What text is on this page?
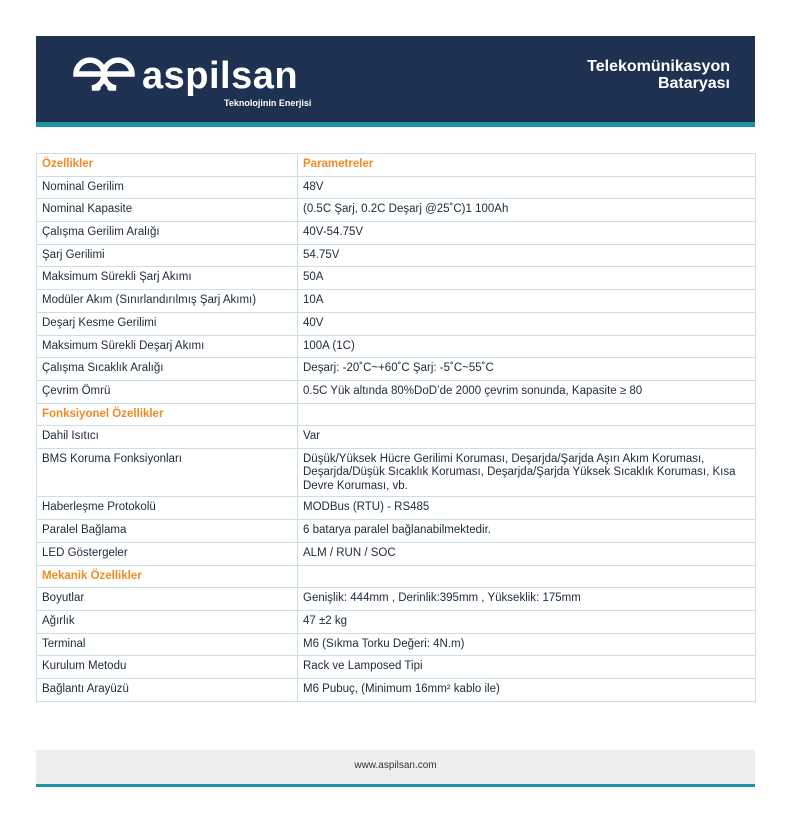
aspilsan
Teknolojinin Enerjisi
Telekomünikasyon
Bataryası
Özellikler	Parametreler
Nominal Gerilim	48V
Nominal Kapasite	(0.5C Şarj, 0.2C Deşarj @25˚C)1 100Ah
Çalışma Gerilim Aralığı	40V-54.75V
Şarj Gerilimi	54.75V
Maksimum Sürekli Şarj Akımı	50A
Modüler Akım (Sınırlandırılmış Şarj Akımı)	10A
Deşarj Kesme Gerilimi	40V
Maksimum Sürekli Deşarj Akımı	100A (1C)
Çalışma Sıcaklık Aralığı	Deşarj: -20˚C~+60˚C Şarj: -5˚C~55˚C
Çevrim Ömrü	0.5C Yük altında 80%DoD’de 2000 çevrim sonunda, Kapasite ≥ 80
Fonksiyonel Özellikler	
Dahil Isıtıcı	Var
BMS Koruma Fonksiyonları	Düşük/Yüksek Hücre Gerilimi Koruması, Deşarjda/Şarjda Aşırı Akım Koruması, Deşarjda/Düşük Sıcaklık Koruması, Deşarjda/Şarjda Yüksek Sıcaklık Koruması, Kısa Devre Koruması, vb.
Haberleşme Protokolü	MODBus (RTU) - RS485
Paralel Bağlama	6 batarya paralel bağlanabilmektedir.
LED Göstergeler	ALM / RUN / SOC
Mekanik Özellikler	
Boyutlar	Genişlik: 444mm , Derinlik:395mm , Yükseklik: 175mm
Ağırlık	47 ±2 kg
Terminal	M6 (Sıkma Torku Değeri: 4N.m)
Kurulum Metodu	Rack ve Lamposed Tipi
Bağlantı Arayüzü	M6 Pubuç, (Minimum 16mm² kablo ile)
www.aspilsan.com
